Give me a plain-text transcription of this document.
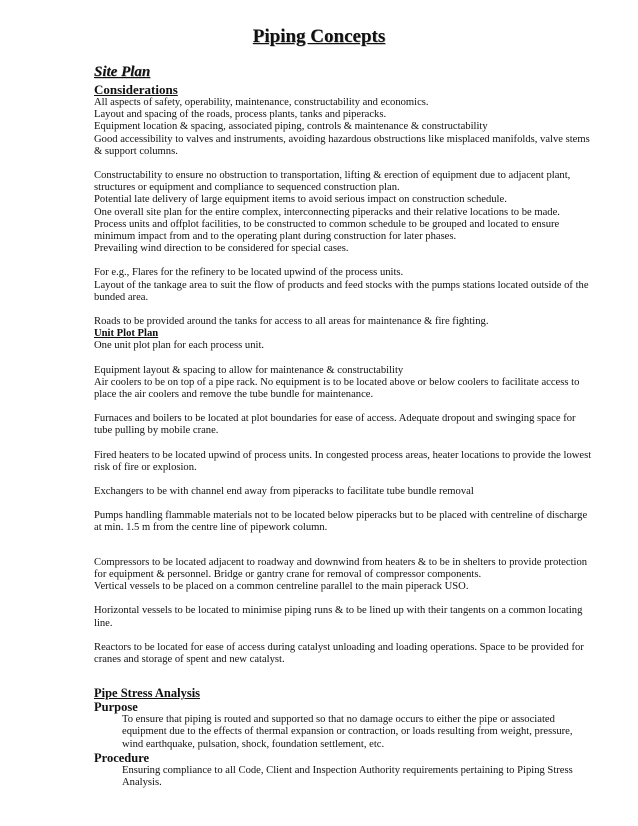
Piping Concepts
Site Plan
Considerations

All aspects of safety, operability, maintenance, constructability and economics.

Layout and spacing of the roads, process plants, tanks and piperacks.

Equipment location & spacing, associated piping, controls & maintenance & constructability

Good accessibility to valves and instruments, avoiding hazardous obstructions like misplaced manifolds, valve stems & support columns.

Constructability to ensure no obstruction to transportation, lifting & erection of equipment due to adjacent plant, structures or equipment and compliance to sequenced construction plan.

Potential late delivery of large equipment items to avoid serious impact on construction schedule.

One overall site plan for the entire complex, interconnecting piperacks and their relative locations to be made.

Process units and offplot facilities, to be constructed to common schedule to be grouped and located to ensure minimum impact from and to the operating plant during construction for later phases.

Prevailing wind direction to be considered for special cases.

For e.g., Flares for the refinery to be located upwind of the process units.

Layout of the tankage area to suit the flow of products and feed stocks with the pumps stations located outside of the bunded area.

Roads to be provided around the tanks for access to all areas for maintenance & fire fighting.

Unit Plot Plan

One unit plot plan for each process unit.

Equipment layout & spacing to allow for maintenance & constructability

Air coolers to be on top of a pipe rack. No equipment is to be located above or below coolers to facilitate access to place the air coolers and remove the tube bundle for maintenance.

Furnaces and boilers to be located at plot boundaries for ease of access. Adequate dropout and swinging space for tube pulling by mobile crane.

Fired heaters to be located upwind of process units. In congested process areas, heater locations to provide the lowest risk of fire or explosion.

Exchangers to be with channel end away from piperacks to facilitate tube bundle removal

Pumps handling flammable materials not to be located below piperacks but to be placed with centreline of discharge at min. 1.5 m from the centre line of pipework column.

Compressors to be located adjacent to roadway and downwind from heaters & to be in shelters to provide protection for equipment & personnel. Bridge or gantry crane for removal of compressor components.

Vertical vessels to be placed on a common centreline parallel to the main piperack USO.

Horizontal vessels to be located to minimise piping runs & to be lined up with their tangents on a common locating line.

Reactors to be located for ease of access during catalyst unloading and loading operations. Space to be provided for cranes and storage of spent and new catalyst.

Pipe Stress Analysis
Purpose

To ensure that piping is routed and supported so that no damage occurs to either the pipe or associated equipment due to the effects of thermal expansion or contraction, or loads resulting from weight, pressure, wind earthquake, pulsation, shock, foundation settlement, etc.

Procedure

Ensuring compliance to all Code, Client and Inspection Authority requirements pertaining to Piping Stress Analysis.
